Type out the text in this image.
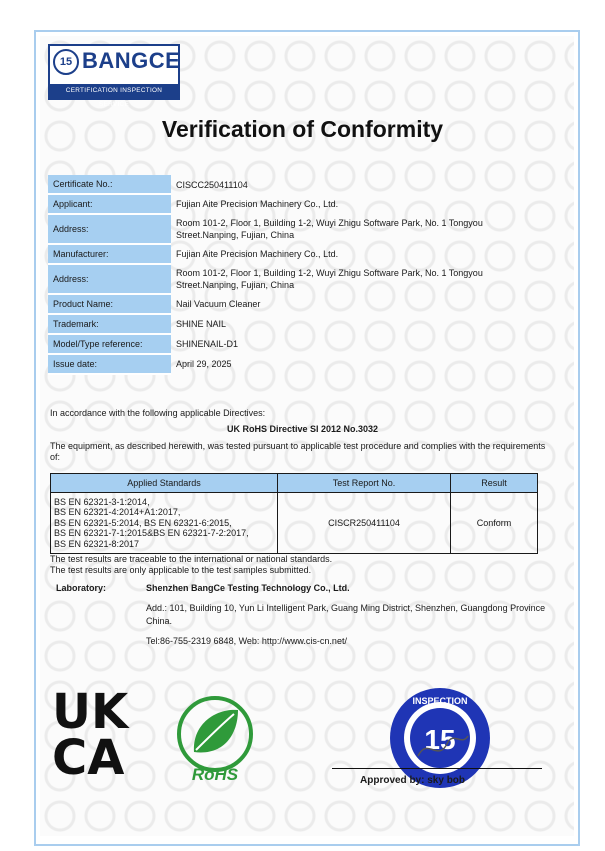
15 BANGCE
CERTIFICATION INSPECTION SERVICE
Verification of Conformity
Certificate No.:	CISCC250411104
Applicant:	Fujian Aite Precision Machinery Co., Ltd.
Address:	Room 101-2, Floor 1, Building 1-2, Wuyi Zhigu Software Park, No. 1 Tongyou Street.Nanping, Fujian, China
Manufacturer:	Fujian Aite Precision Machinery Co., Ltd.
Address:	Room 101-2, Floor 1, Building 1-2, Wuyi Zhigu Software Park, No. 1 Tongyou Street.Nanping, Fujian, China
Product Name:	Nail Vacuum Cleaner
Trademark:	SHINE NAIL
Model/Type reference:	SHINENAIL-D1
Issue date:	April 29, 2025
In accordance with the following applicable Directives:
UK RoHS Directive SI 2012 No.3032
The equipment, as described herewith, was tested pursuant to applicable test procedure and complies with the requirements of:
Applied Standards	Test Report No.	Result
BS EN 62321-3-1:2014,
BS EN 62321-4:2014+A1:2017,
BS EN 62321-5:2014, BS EN 62321-6:2015,
BS EN 62321-7-1:2015&BS EN 62321-7-2:2017,
BS EN 62321-8:2017	CISCR250411104	Conform
The test results are traceable to the international or national standards.
The test results are only applicable to the test samples submitted.
Laboratory:	Shenzhen BangCe Testing Technology Co., Ltd.
Add.: 101, Building 10, Yun Li Intelligent Park, Guang Ming District, Shenzhen, Guangdong Province China.
Tel:86-755-2319 6848, Web: http://www.cis-cn.net/
UK
CA	RoHS
INSPECTION
15
Approved by: sky bob
